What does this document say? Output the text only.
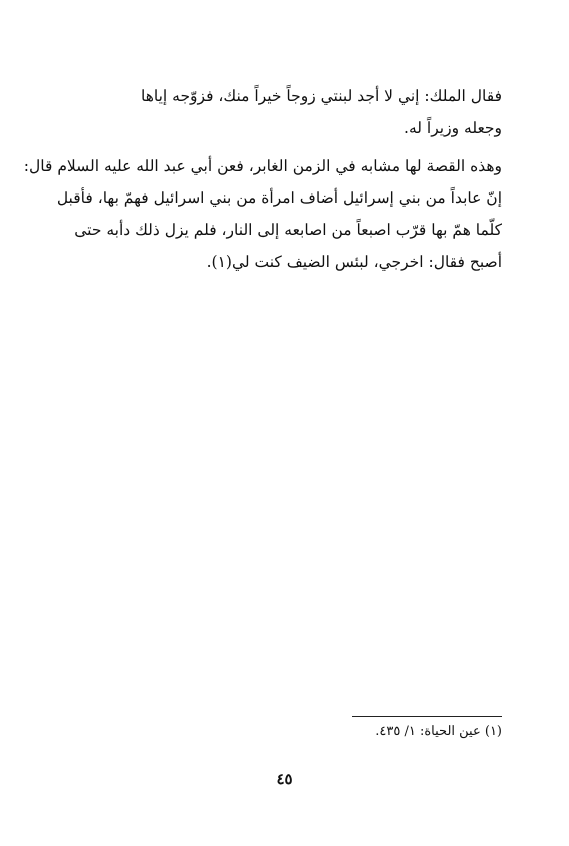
فقال الملك: إني لا أجد لبنتي زوجاً خيراً منك، فزوّجه إياها
وجعله وزيراً له.
وهذه القصة لها مشابه في الزمن الغابر، فعن أبي عبد الله عليه السلام قال:
إنّ عابداً من بني إسرائيل أضاف امرأة من بني اسرائيل فهمّ بها، فأقبل
كلّما همّ بها قرّب اصبعاً من اصابعه إلى النار، فلم يزل ذلك دأبه حتى
أصبح فقال: اخرجي، لبئس الضيف كنت لي(١).
(١) عين الحياة: ١/ ٤٣٥.
٤٥
